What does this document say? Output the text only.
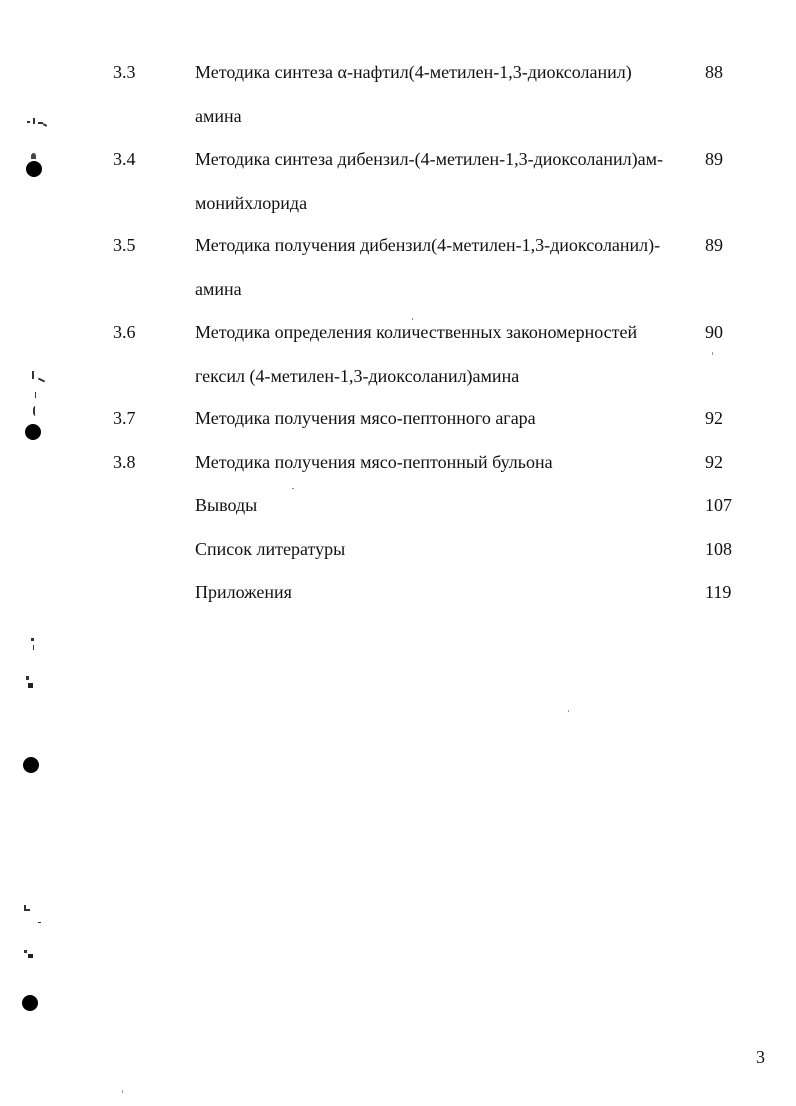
3.3	Методика синтеза α-нафтил(4-метилен-1,3-диоксоланил)	88
амина
3.4	Методика синтеза дибензил-(4-метилен-1,3-диоксоланил)ам- 89
монийхлорида
3.5	Методика получения дибензил(4-метилен-1,3-диоксоланил)- 89
амина
3.6	Методика определения количественных закономерностей	90
гексил (4-метилен-1,3-диоксоланил)амина
3.7	Методика получения мясо-пептонного агара	92
3.8	Методика получения мясо-пептонный бульона	92
Выводы	107
Список литературы	108
Приложения	119
3
